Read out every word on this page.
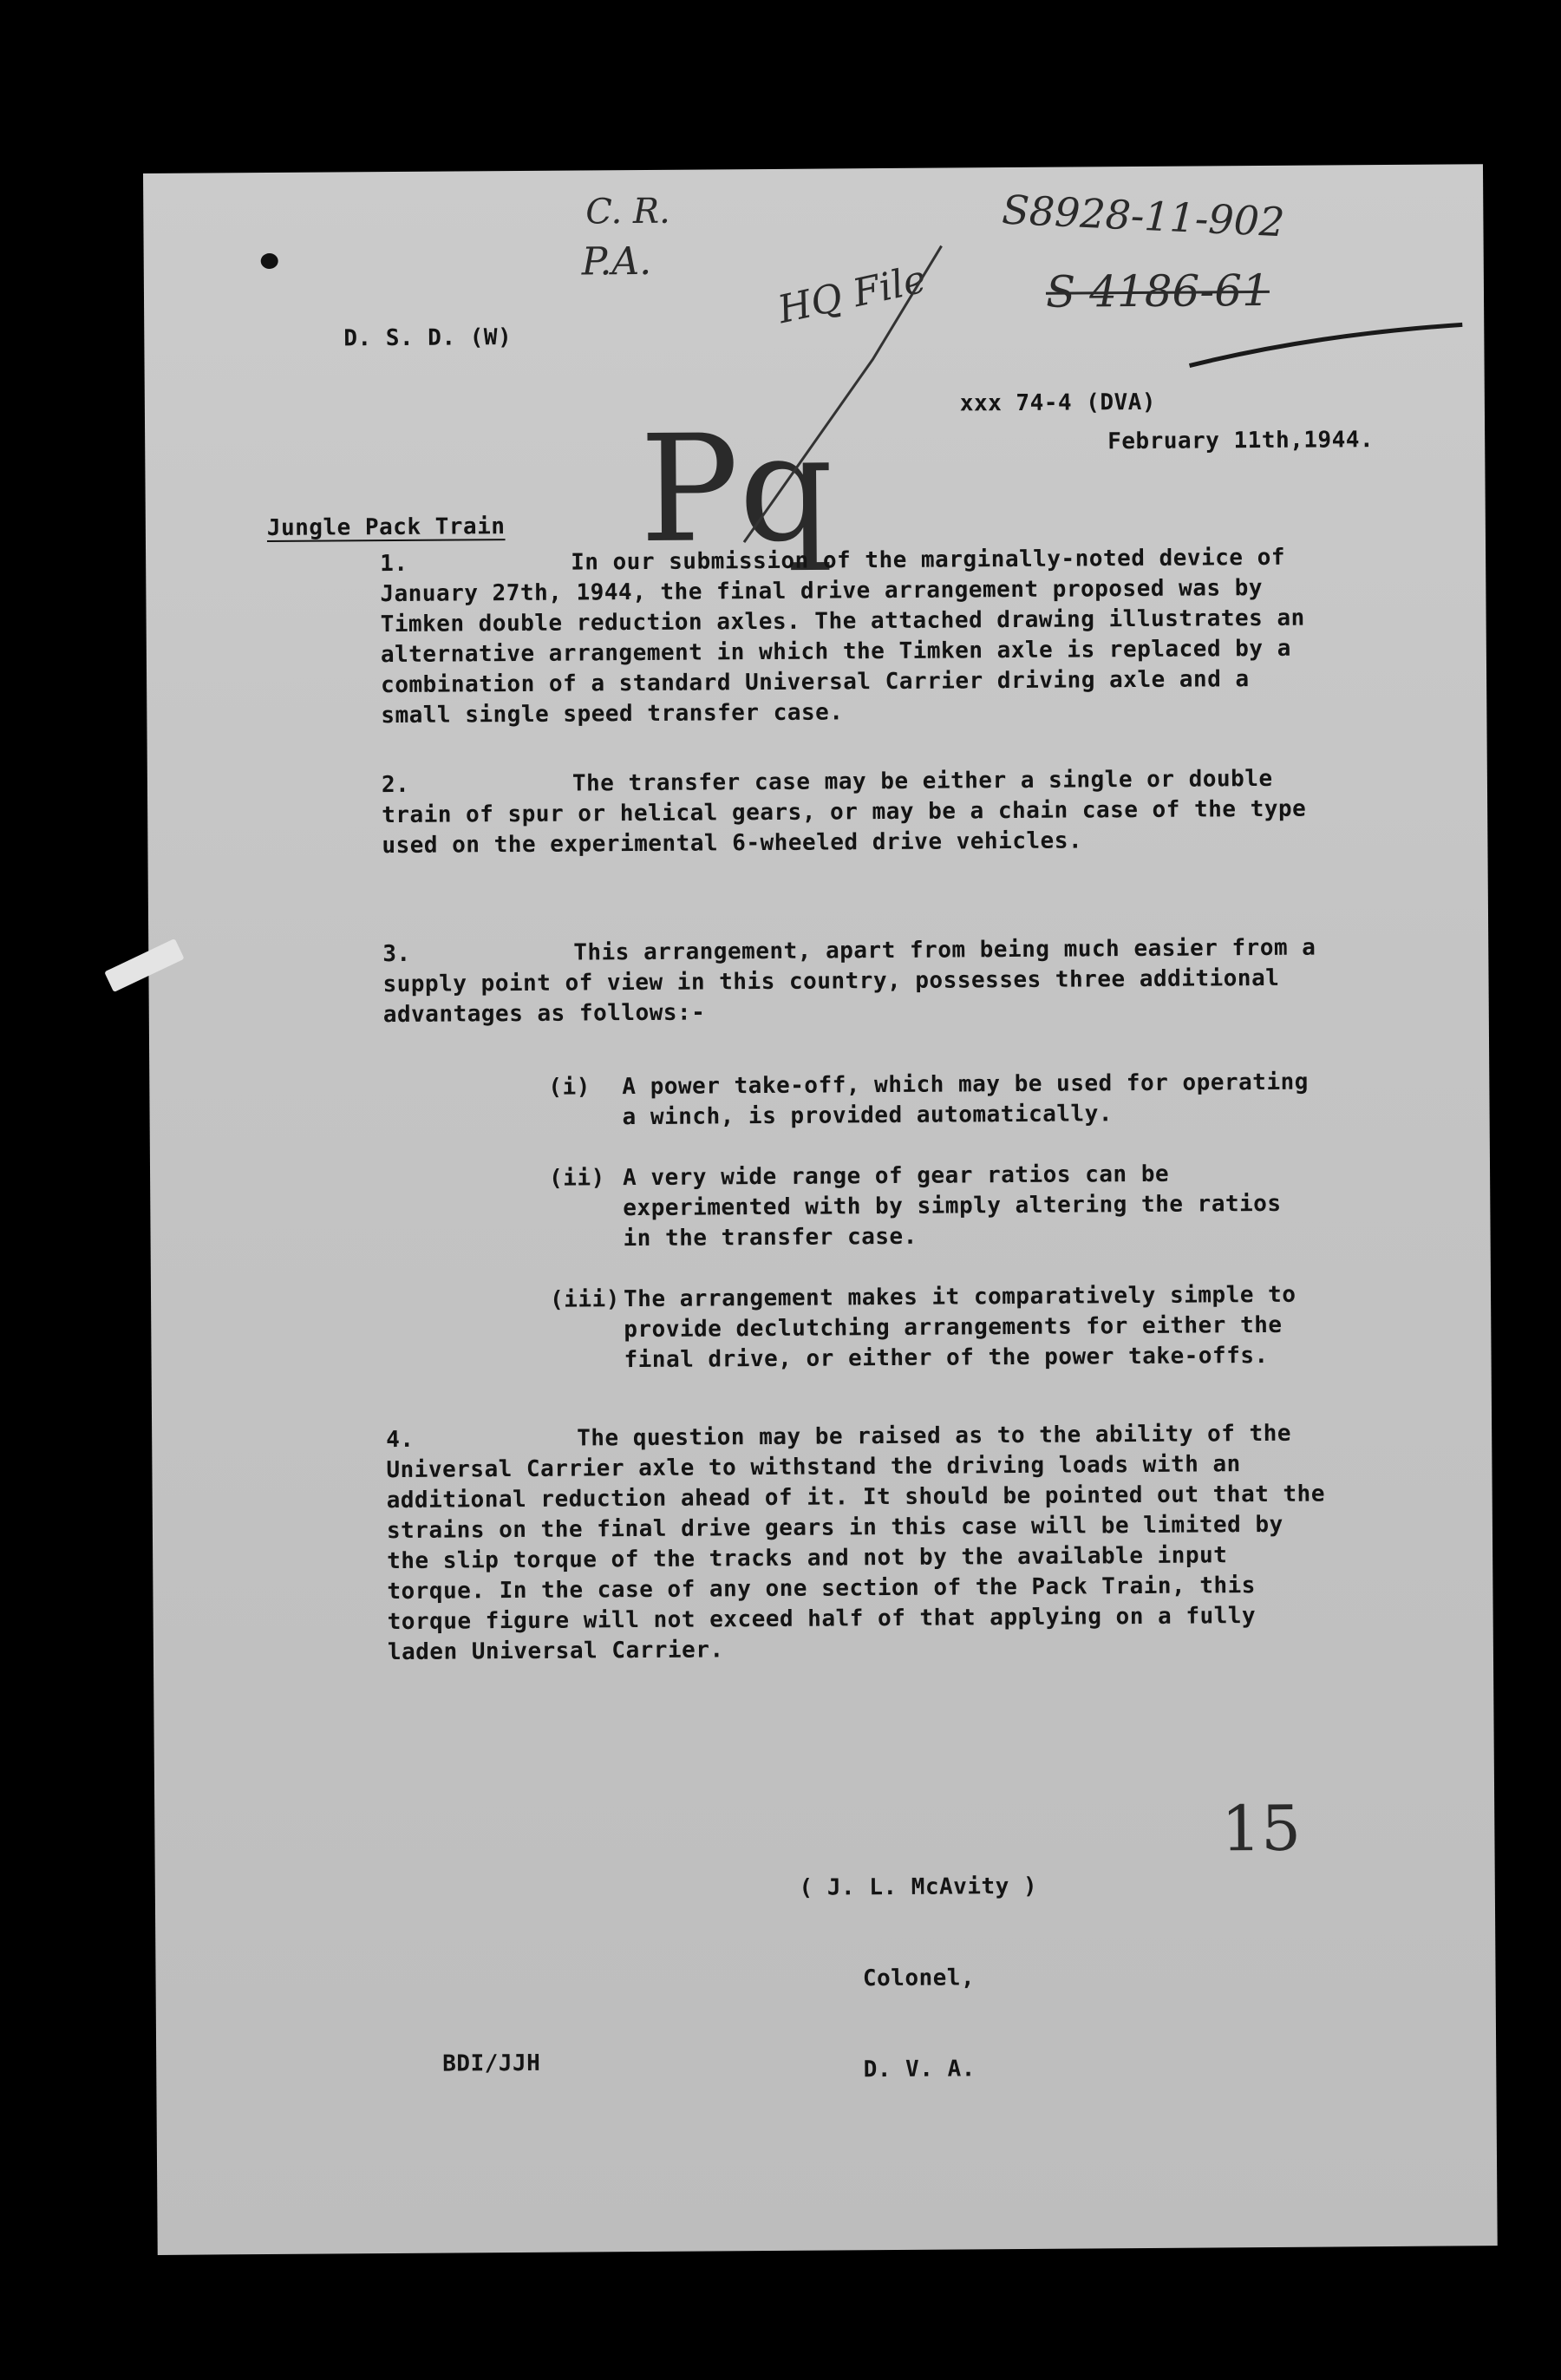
C. R.
P.A.	HQ File
S8928-11-902
S 4186-61
Pq
15
D. S. D. (W)
xxx 74-4 (DVA)
February 11th,1944.
Jungle Pack Train

1.

	In our submission of the marginally-noted device of January 27th, 1944, the final drive arrangement proposed was by Timken double reduction axles. The attached drawing illustrates an alternative arrangement in which the Timken axle is replaced by a combination of a standard Universal Carrier driving axle and a small single speed transfer case.

2.

	The transfer case may be either a single or double train of spur or helical gears, or may be a chain case of the type used on the experimental 6-wheeled drive vehicles.

3.

	This arrangement, apart from being much easier from a supply point of view in this country, possesses three additional advantages as follows:-

(i)

A power take-off, which may be used for operating a winch, is provided automatically.

(ii)

A very wide range of gear ratios can be experimented with by simply altering the ratios in the transfer case.

(iii)

The arrangement makes it comparatively simple to provide declutching arrangements for either the final drive, or either of the power take-offs.

4.

	The question may be raised as to the ability of the Universal Carrier axle to withstand the driving loads with an additional reduction ahead of it. It should be pointed out that the strains on the final drive gears in this case will be limited by the slip torque of the tracks and not by the available input torque. In the case of any one section of the Pack Train, this torque figure will not exceed half of that applying on a fully laden Universal Carrier.

( J. L. McAvity )

Colonel,

D. V. A.

BDI/JJH
